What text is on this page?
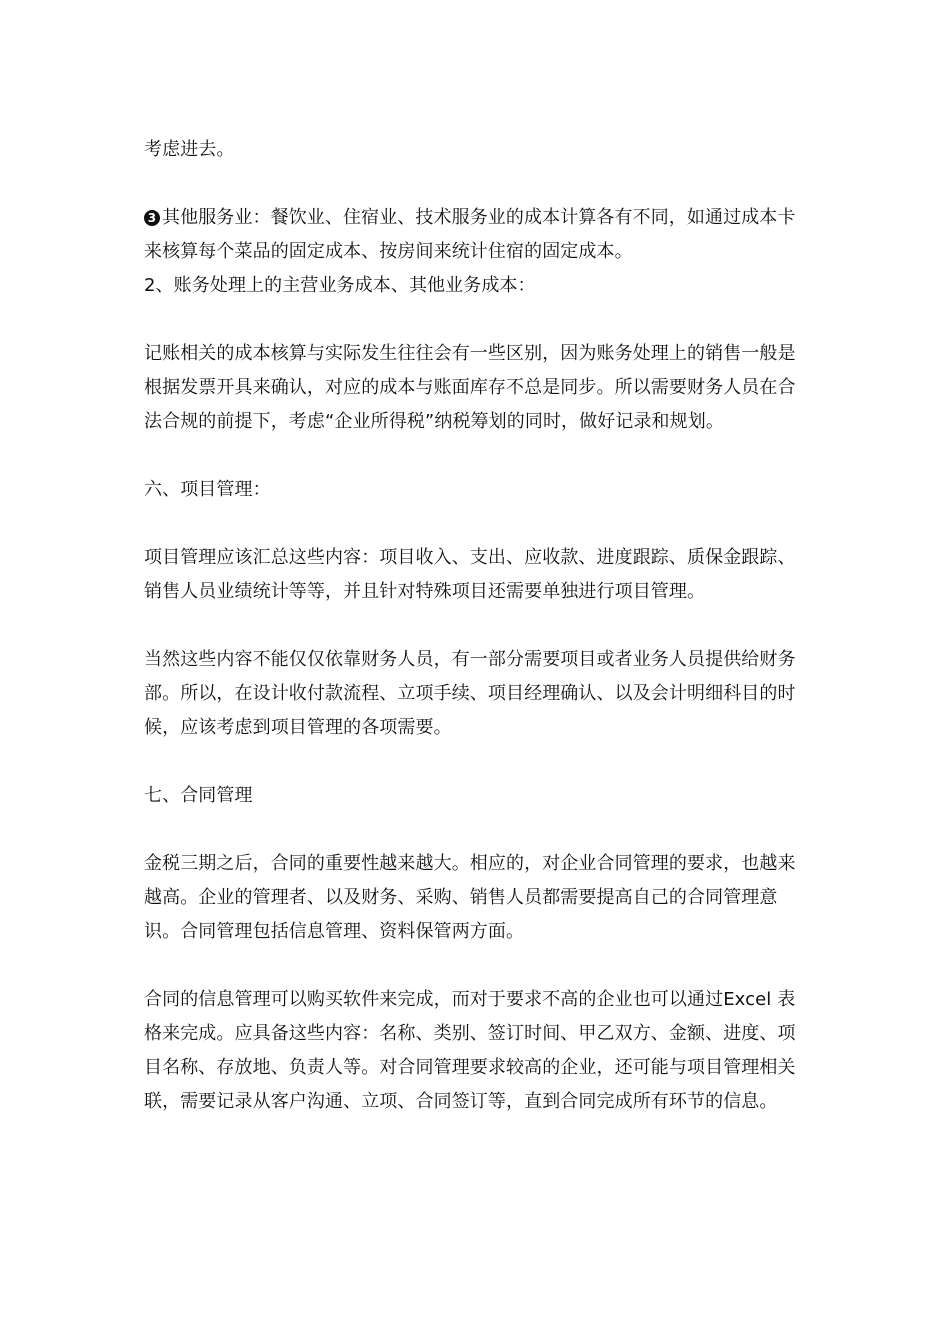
考虑进去。

3 其他服务业：餐饮业、住宿业、技术服务业的成本计算各有不同，如通过成本卡来核算每个菜品的固定成本、按房间来统计住宿的固定成本。

2、账务处理上的主营业务成本、其他业务成本：

记账相关的成本核算与实际发生往往会有一些区别，因为账务处理上的销售一般是根据发票开具来确认，对应的成本与账面库存不总是同步。所以需要财务人员在合法合规的前提下，考虑“企业所得税”纳税筹划的同时，做好记录和规划。

六、项目管理：

项目管理应该汇总这些内容：项目收入、支出、应收款、进度跟踪、质保金跟踪、销售人员业绩统计等等，并且针对特殊项目还需要单独进行项目管理。

当然这些内容不能仅仅依靠财务人员，有一部分需要项目或者业务人员提供给财务部。所以，在设计收付款流程、立项手续、项目经理确认、以及会计明细科目的时候，应该考虑到项目管理的各项需要。

七、合同管理

金税三期之后，合同的重要性越来越大。相应的，对企业合同管理的要求，也越来越高。企业的管理者、以及财务、采购、销售人员都需要提高自己的合同管理意识。合同管理包括信息管理、资料保管两方面。

合同的信息管理可以购买软件来完成，而对于要求不高的企业也可以通过Excel 表格来完成。应具备这些内容：名称、类别、签订时间、甲乙双方、金额、进度、项目名称、存放地、负责人等。对合同管理要求较高的企业，还可能与项目管理相关联，需要记录从客户沟通、立项、合同签订等，直到合同完成所有环节的信息。
